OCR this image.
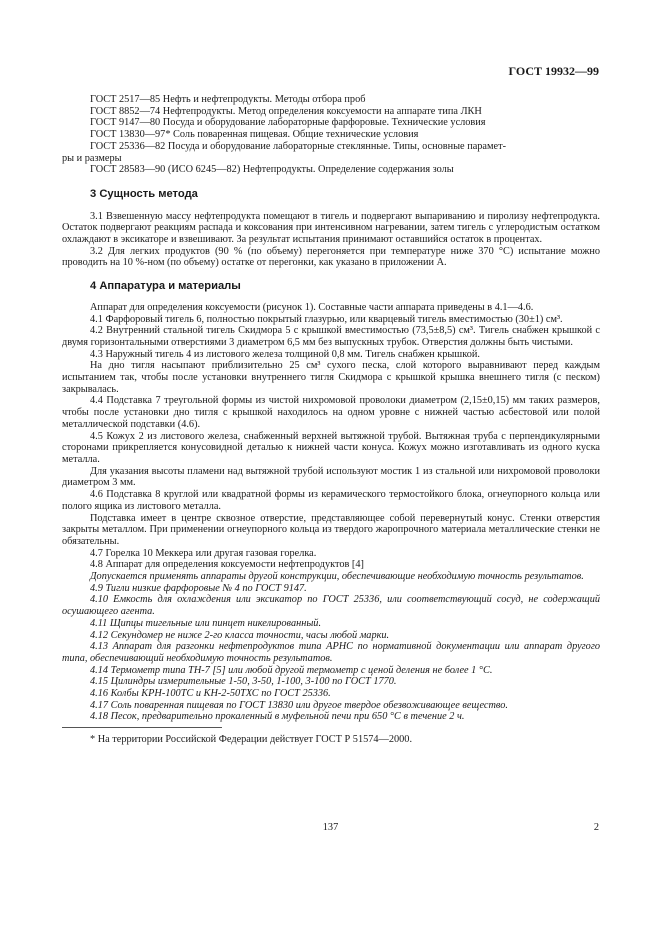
ГОСТ 19932—99

ГОСТ 2517—85 Нефть и нефтепродукты. Методы отбора проб

ГОСТ 8852—74 Нефтепродукты. Метод определения коксуемости на аппарате типа ЛКН

ГОСТ 9147—80 Посуда и оборудование лабораторные фарфоровые. Технические условия

ГОСТ 13830—97* Соль поваренная пищевая. Общие технические условия

ГОСТ 25336—82 Посуда и оборудование лабораторные стеклянные. Типы, основные парамет-

ры и размеры

ГОСТ 28583—90 (ИСО 6245—82) Нефтепродукты. Определение содержания золы

3 Сущность метода

3.1 Взвешенную массу нефтепродукта помещают в тигель и подвергают выпариванию и пиролизу нефтепродукта. Остаток подвергают реакциям распада и коксования при интенсивном нагревании, затем тигель с углеродистым остатком охлаждают в эксикаторе и взвешивают. За результат испытания принимают оставшийся остаток в процентах.

3.2 Для легких продуктов (90 % (по объему) перегоняется при температуре ниже 370 °С) испытание можно проводить на 10 %-ном (по объему) остатке от перегонки, как указано в приложении А.

4 Аппаратура и материалы

Аппарат для определения коксуемости (рисунок 1). Составные части аппарата приведены в 4.1—4.6.

4.1 Фарфоровый тигель 6, полностью покрытый глазурью, или кварцевый тигель вместимостью (30±1) см³.

4.2 Внутренний стальной тигель Скидмора 5 с крышкой вместимостью (73,5±8,5) см³. Тигель снабжен крышкой с двумя горизонтальными отверстиями 3 диаметром 6,5 мм без выпускных трубок. Отверстия должны быть чистыми.

4.3 Наружный тигель 4 из листового железа толщиной 0,8 мм. Тигель снабжен крышкой.

На дно тигля насыпают приблизительно 25 см³ сухого песка, слой которого выравнивают перед каждым испытанием так, чтобы после установки внутреннего тигля Скидмора с крышкой крышка внешнего тигля (с песком) закрывалась.

4.4 Подставка 7 треугольной формы из чистой нихромовой проволоки диаметром (2,15±0,15) мм таких размеров, чтобы после установки дно тигля с крышкой находилось на одном уровне с нижней частью асбестовой или полой металлической подставки (4.6).

4.5 Кожух 2 из листового железа, снабженный верхней вытяжной трубой. Вытяжная труба с перпендикулярными сторонами прикрепляется конусовидной деталью к нижней части конуса. Кожух можно изготавливать из одного куска металла.

Для указания высоты пламени над вытяжной трубой используют мостик 1 из стальной или нихромовой проволоки диаметром 3 мм.

4.6 Подставка 8 круглой или квадратной формы из керамического термостойкого блока, огнеупорного кольца или полого ящика из листового металла.

Подставка имеет в центре сквозное отверстие, представляющее собой перевернутый конус. Стенки отверстия закрыты металлом. При применении огнеупорного кольца из твердого жаропрочного материала металлические стенки не обязательны.

4.7 Горелка 10 Меккера или другая газовая горелка.

4.8 Аппарат для определения коксуемости нефтепродуктов [4]

Допускается применять аппараты другой конструкции, обеспечивающие необходимую точность результатов.

4.9 Тигли низкие фарфоровые № 4 по ГОСТ 9147.

4.10 Емкость для охлаждения или эксикатор по ГОСТ 25336, или соответствующий сосуд, не содержащий осушающего агента.

4.11 Щипцы тигельные или пинцет никелированный.

4.12 Секундомер не ниже 2-го класса точности, часы любой марки.

4.13 Аппарат для разгонки нефтепродуктов типа АРНС по нормативной документации или аппарат другого типа, обеспечивающий необходимую точность результатов.

4.14 Термометр типа ТН-7 [5] или любой другой термометр с ценой деления не более 1 °С.

4.15 Цилиндры измерительные 1-50, 3-50, 1-100, 3-100 по ГОСТ 1770.

4.16 Колбы КРН-100ТС и КН-2-50ТХС по ГОСТ 25336.

4.17 Соль поваренная пищевая по ГОСТ 13830 или другое твердое обезвоживающее вещество.

4.18 Песок, предварительно прокаленный в муфельной печи при 650 °С в течение 2 ч.

* На территории Российской Федерации действует ГОСТ Р 51574—2000.

137	2
